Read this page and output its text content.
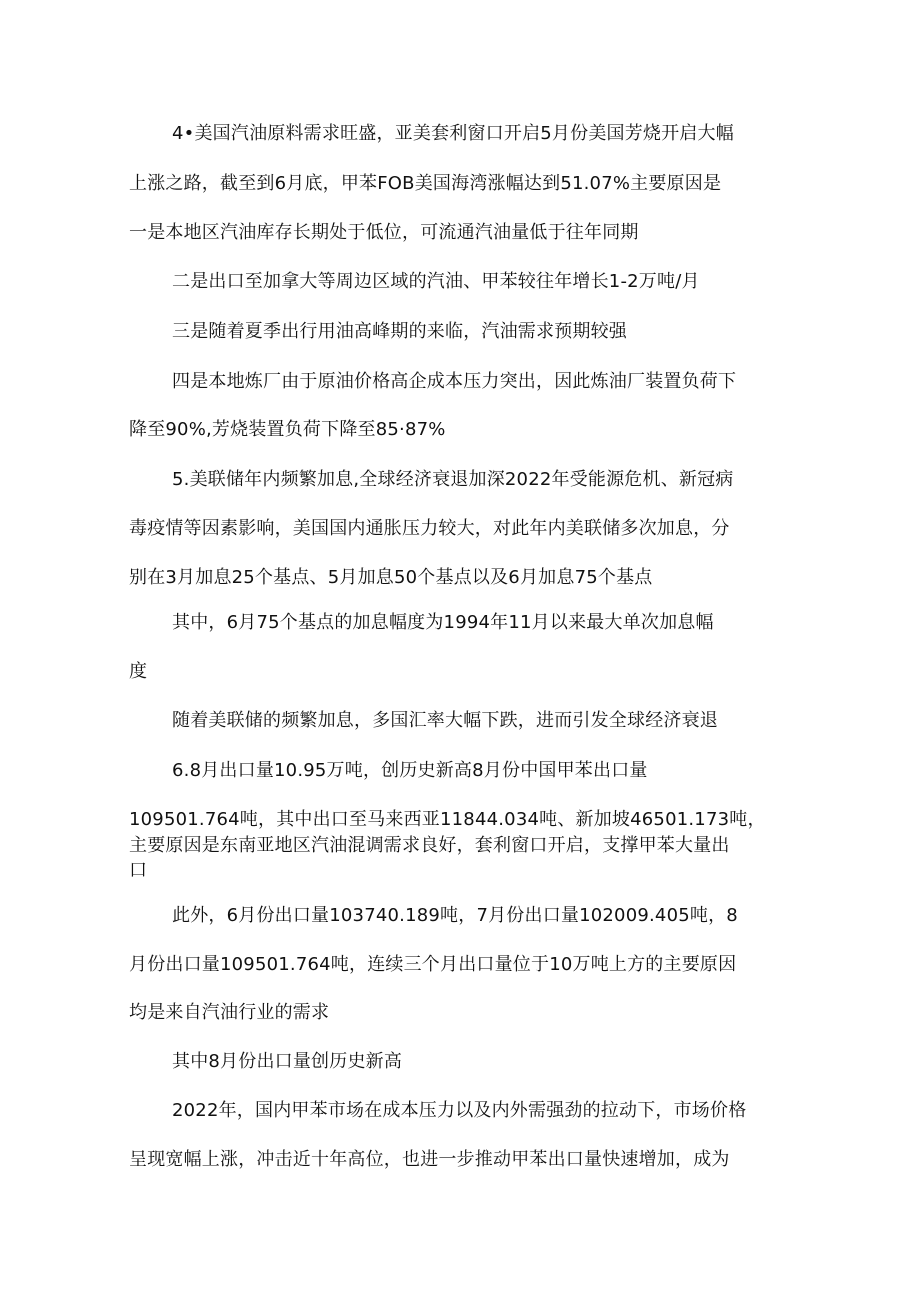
4•美国汽油原料需求旺盛，亚美套利窗口开启5月份美国芳烧开启大幅

上涨之路，截至到6月底，甲苯FOB美国海湾涨幅达到51.07%主要原因是

一是本地区汽油库存长期处于低位，可流通汽油量低于往年同期

二是出口至加拿大等周边区域的汽油、甲苯较往年增长1-2万吨/月

三是随着夏季出行用油高峰期的来临，汽油需求预期较强

四是本地炼厂由于原油价格高企成本压力突出，因此炼油厂装置负荷下

降至90%,芳烧装置负荷下降至85·87%

5.美联储年内频繁加息,全球经济衰退加深2022年受能源危机、新冠病

毒疫情等因素影响，美国国内通胀压力较大，对此年内美联储多次加息，分

别在3月加息25个基点、5月加息50个基点以及6月加息75个基点

其中，6月75个基点的加息幅度为1994年11月以来最大单次加息幅

度

随着美联储的频繁加息，多国汇率大幅下跌，进而引发全球经济衰退

6.8月出口量10.95万吨，创历史新高8月份中国甲苯出口量

109501.764吨，其中出口至马来西亚11844.034吨、新加坡46501.173吨，

主要原因是东南亚地区汽油混调需求良好，套利窗口开启，支撑甲苯大量出

口

此外，6月份出口量103740.189吨，7月份出口量102009.405吨，8

月份出口量109501.764吨，连续三个月出口量位于10万吨上方的主要原因

均是来自汽油行业的需求

其中8月份出口量创历史新高

2022年，国内甲苯市场在成本压力以及内外需强劲的拉动下，市场价格

呈现宽幅上涨，冲击近十年高位，也进一步推动甲苯出口量快速增加，成为
